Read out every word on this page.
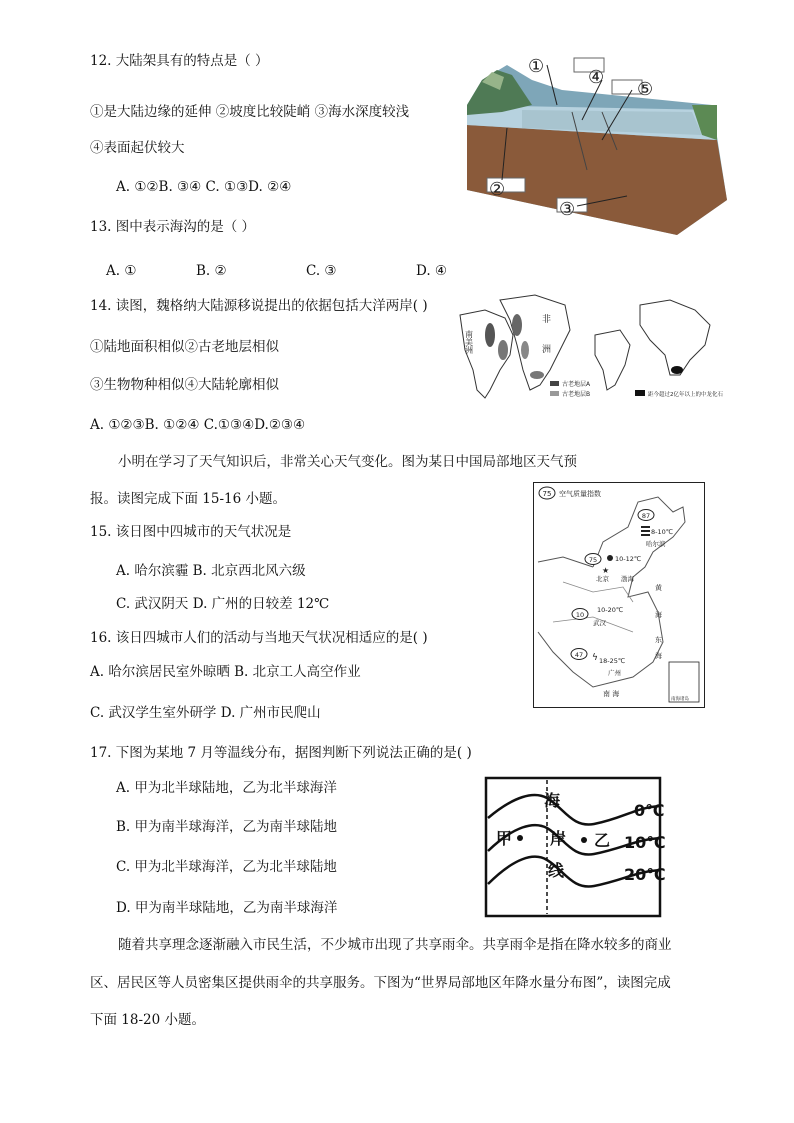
12. 大陆架具有的特点是（ ）
①是大陆边缘的延伸 ②坡度比较陡峭 ③海水深度较浅
④表面起伏较大
A. ①②B. ③④ C. ①③D. ②④
13. 图中表示海沟的是（ ）
A. ①	B. ②	C. ③	D. ④
14. 读图，魏格纳大陆源移说提出的依据包括大洋两岸( )
①陆地面积相似②古老地层相似
③生物物种相似④大陆轮廓相似
A. ①②③B. ①②④ C.①③④D.②③④
小明在学习了天气知识后，非常关心天气变化。图为某日中国局部地区天气预
报。读图完成下面 15-16 小题。
15. 该日图中四城市的天气状况是
A. 哈尔滨霾 B. 北京西北风六级
C. 武汉阴天 D. 广州的日较差 12℃
16. 该日四城市人们的活动与当地天气状况相适应的是( )
A. 哈尔滨居民室外晾晒 B. 北京工人高空作业
C. 武汉学生室外研学 D. 广州市民爬山
17. 下图为某地 7 月等温线分布，据图判断下列说法正确的是( )
A. 甲为北半球陆地，乙为北半球海洋
B. 甲为南半球海洋，乙为南半球陆地
C. 甲为北半球海洋，乙为北半球陆地
D. 甲为南半球陆地，乙为南半球海洋
随着共享理念逐渐融入市民生活，不少城市出现了共享雨伞。共享雨伞是指在降水较多的商业
区、居民区等人员密集区提供雨伞的共享服务。下图为“世界局部地区年降水量分布图”，读图完成
下面 18-20 小题。
①
④
⑤
②
③
南美洲
非
洲
古老地层A
古老地层B	距今超过2亿年以上的中龙化石
75 空气质量指数
87
8-10℃
哈尔滨
75	10-12℃
★
北京 渤海
黄
海
10
10-20℃
武汉
东
海
47 ϟ 18-25℃
广州
南 海
南海诸岛
海
岸
线
甲	乙
0℃
10℃
20℃
